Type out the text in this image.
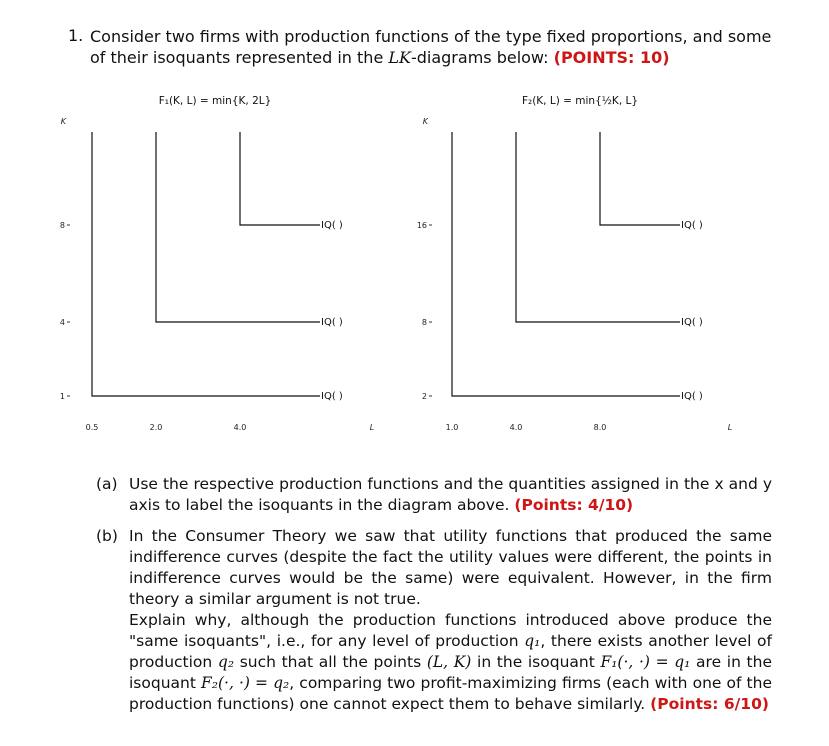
1. Consider two firms with production functions of the type fixed proportions, and some of their isoquants represented in the LK-diagrams below: (POINTS: 10)
F₁(K, L) = min{K, 2L}
K
L
1
0.5
IQ( )
4
2.0
IQ( )
8
4.0
IQ( )
F₂(K, L) = min{½K, L}
K
L
2
1.0
IQ( )
8
4.0
IQ( )
16
8.0
IQ( )
(a) Use the respective production functions and the quantities assigned in the x and y axis to label the isoquants in the diagram above. (Points: 4/10)
(b) In the Consumer Theory we saw that utility functions that produced the same indifference curves (despite the fact the utility values were different, the points in indifference curves would be the same) were equivalent. However, in the firm theory a similar argument is not true.
Explain why, although the production functions introduced above produce the "same isoquants", i.e., for any level of production q₁, there exists another level of production q₂ such that all the points (L, K) in the isoquant F₁(·, ·) = q₁ are in the isoquant F₂(·, ·) = q₂, comparing two profit-maximizing firms (each with one of the production functions) one cannot expect them to behave similarly. (Points: 6/10)
